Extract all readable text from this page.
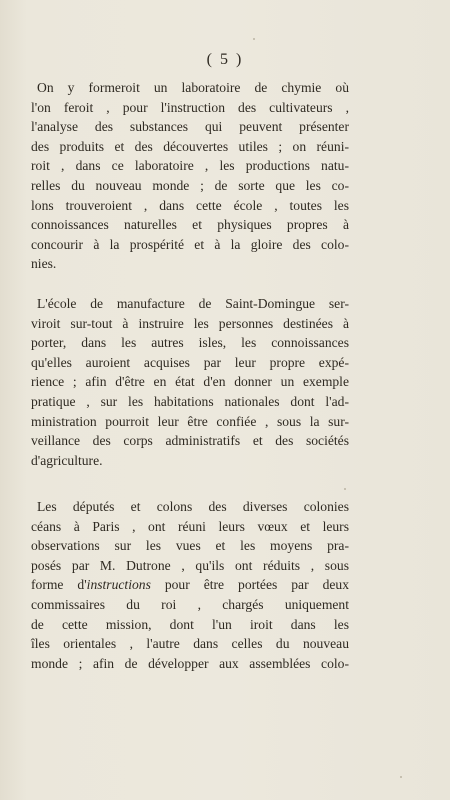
( 5 )
On y formeroit un laboratoire de chymie où
l'on feroit , pour l'instruction des cultivateurs ,
l'analyse des substances qui peuvent présenter
des produits et des découvertes utiles ; on réuni-
roit , dans ce laboratoire , les productions natu-
relles du nouveau monde ; de sorte que les co-
lons trouveroient , dans cette école , toutes les
connoissances naturelles et physiques propres à
concourir à la prospérité et à la gloire des colo-
nies.
L'école de manufacture de Saint-Domingue ser-
viroit sur-tout à instruire les personnes destinées à
porter, dans les autres isles, les connoissances
qu'elles auroient acquises par leur propre expé-
rience ; afin d'être en état d'en donner un exemple
pratique , sur les habitations nationales dont l'ad-
ministration pourroit leur être confiée , sous la sur-
veillance des corps administratifs et des sociétés
d'agriculture.
Les députés et colons des diverses colonies
céans à Paris , ont réuni leurs vœux et leurs
observations sur les vues et les moyens pra-
posés par M. Dutrone , qu'ils ont réduits , sous
forme d'instructions pour être portées par deux
commissaires du roi , chargés uniquement
de cette mission, dont l'un iroit dans les
îles orientales , l'autre dans celles du nouveau
monde ; afin de développer aux assemblées colo-
